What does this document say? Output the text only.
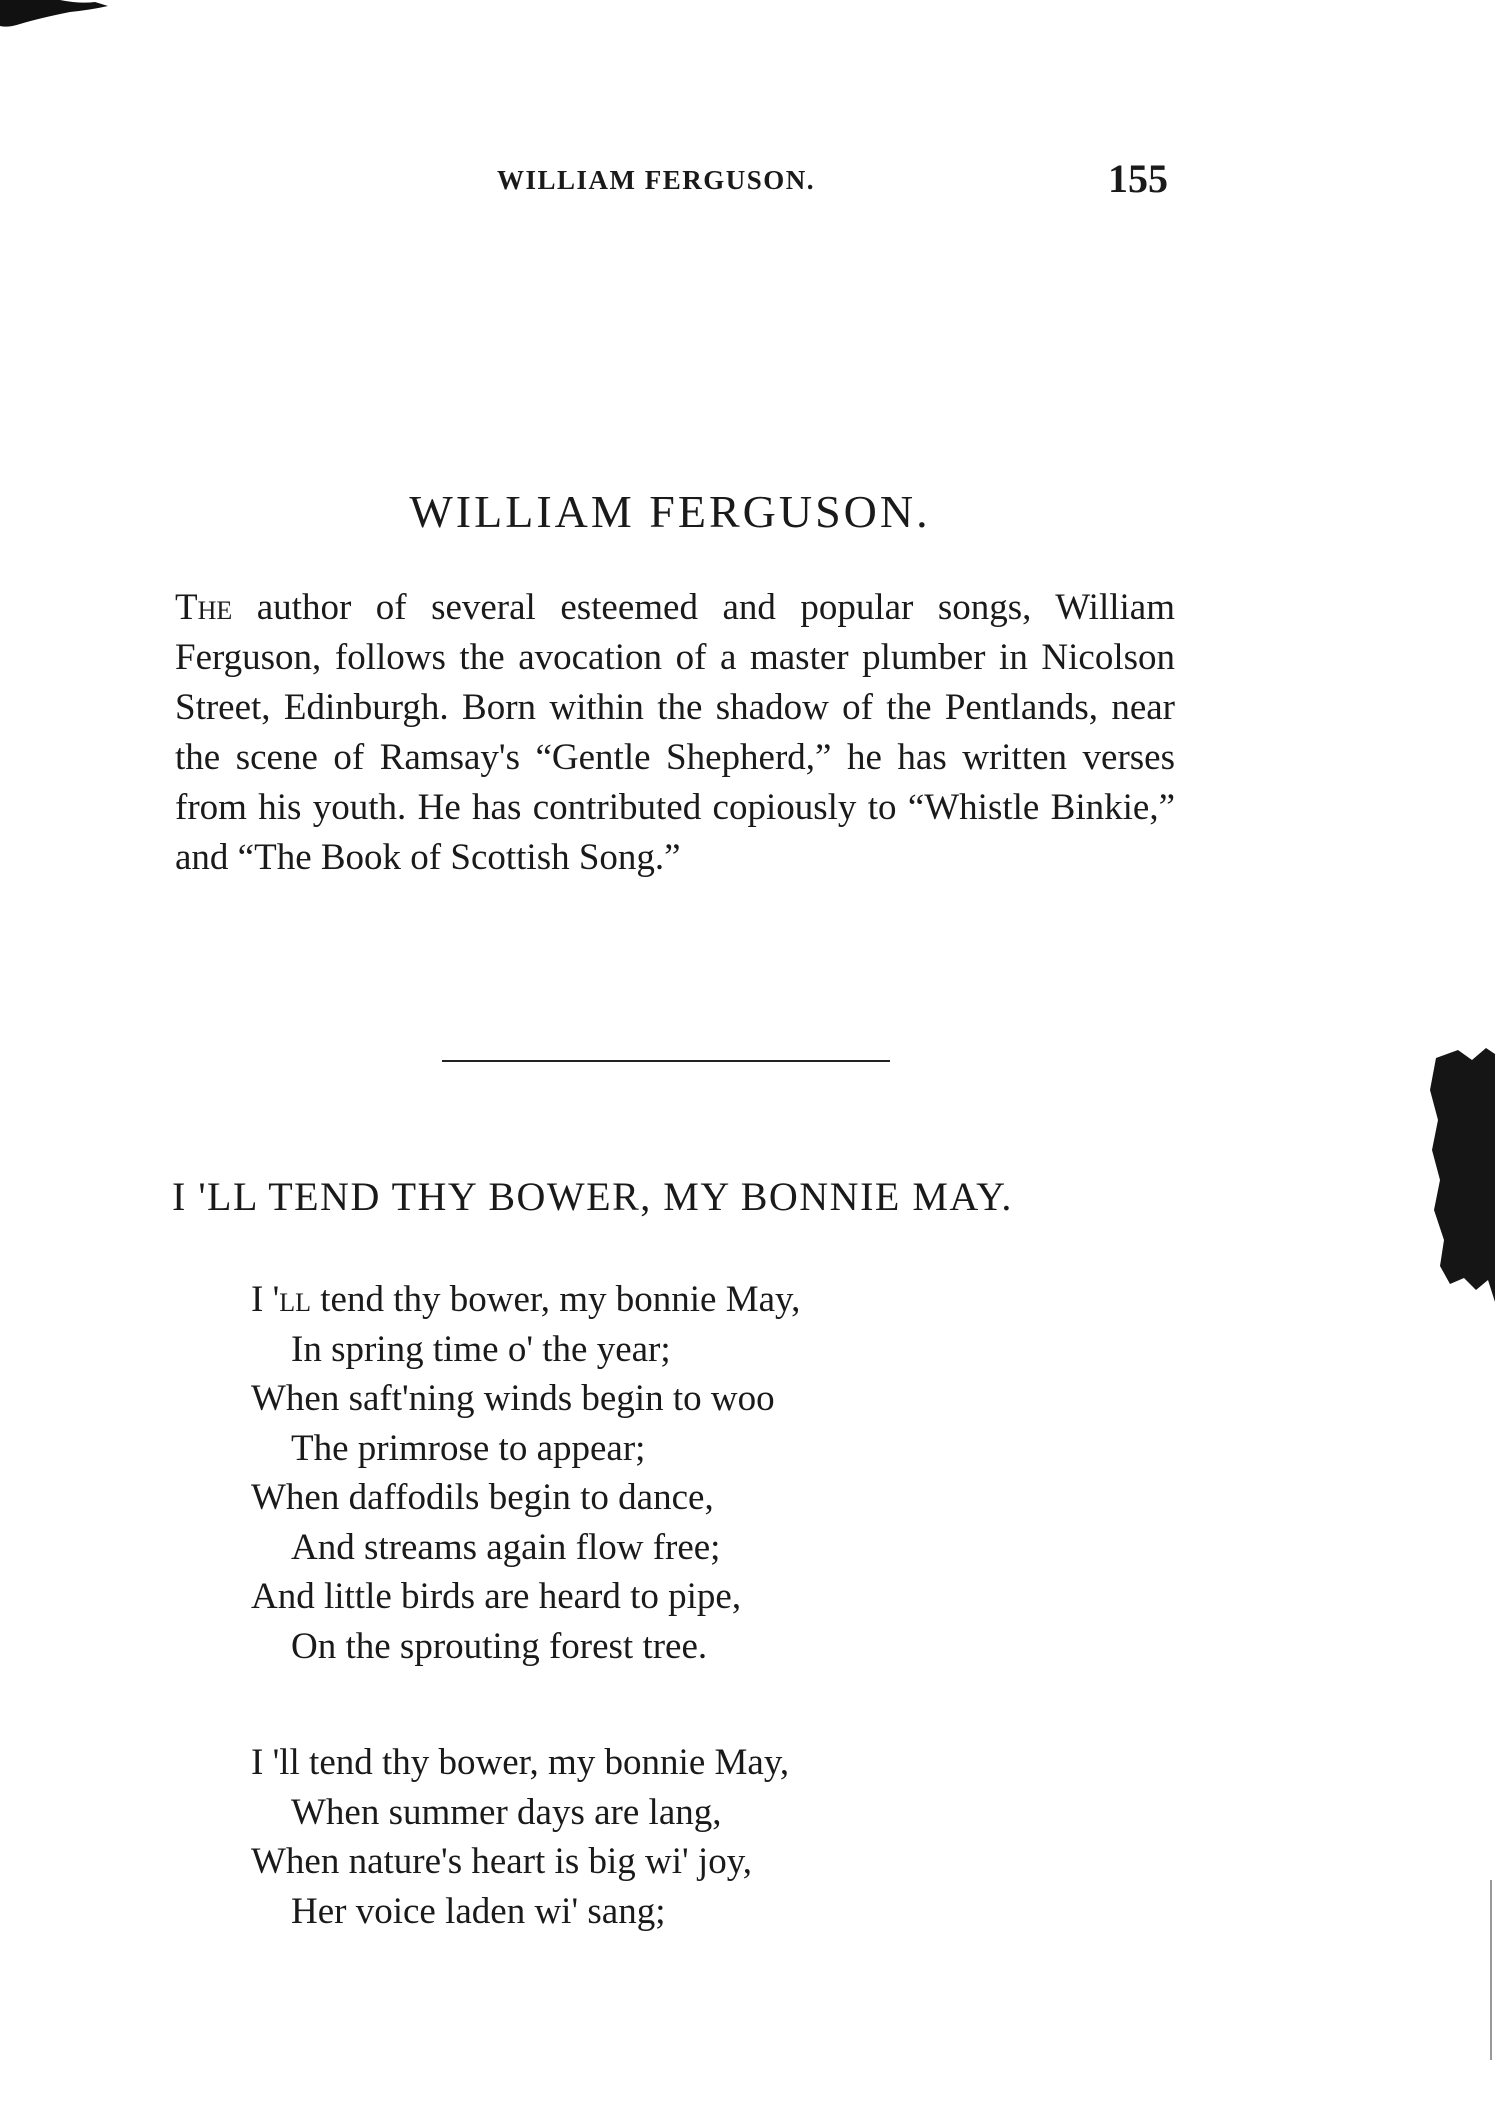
WILLIAM FERGUSON.	155
WILLIAM FERGUSON.

The author of several esteemed and popular songs, William Ferguson, follows the avocation of a master plumber in Nicolson Street, Edinburgh. Born within the shadow of the Pentlands, near the scene of Ramsay's “Gentle Shepherd,” he has written verses from his youth. He has contributed copiously to “Whistle Binkie,” and “The Book of Scottish Song.”

I 'LL TEND THY BOWER, MY BONNIE MAY.
I 'll tend thy bower, my bonnie May,
In spring time o' the year;
When saft'ning winds begin to woo
The primrose to appear;
When daffodils begin to dance,
And streams again flow free;
And little birds are heard to pipe,
On the sprouting forest tree.
I 'll tend thy bower, my bonnie May,
When summer days are lang,
When nature's heart is big wi' joy,
Her voice laden wi' sang;
